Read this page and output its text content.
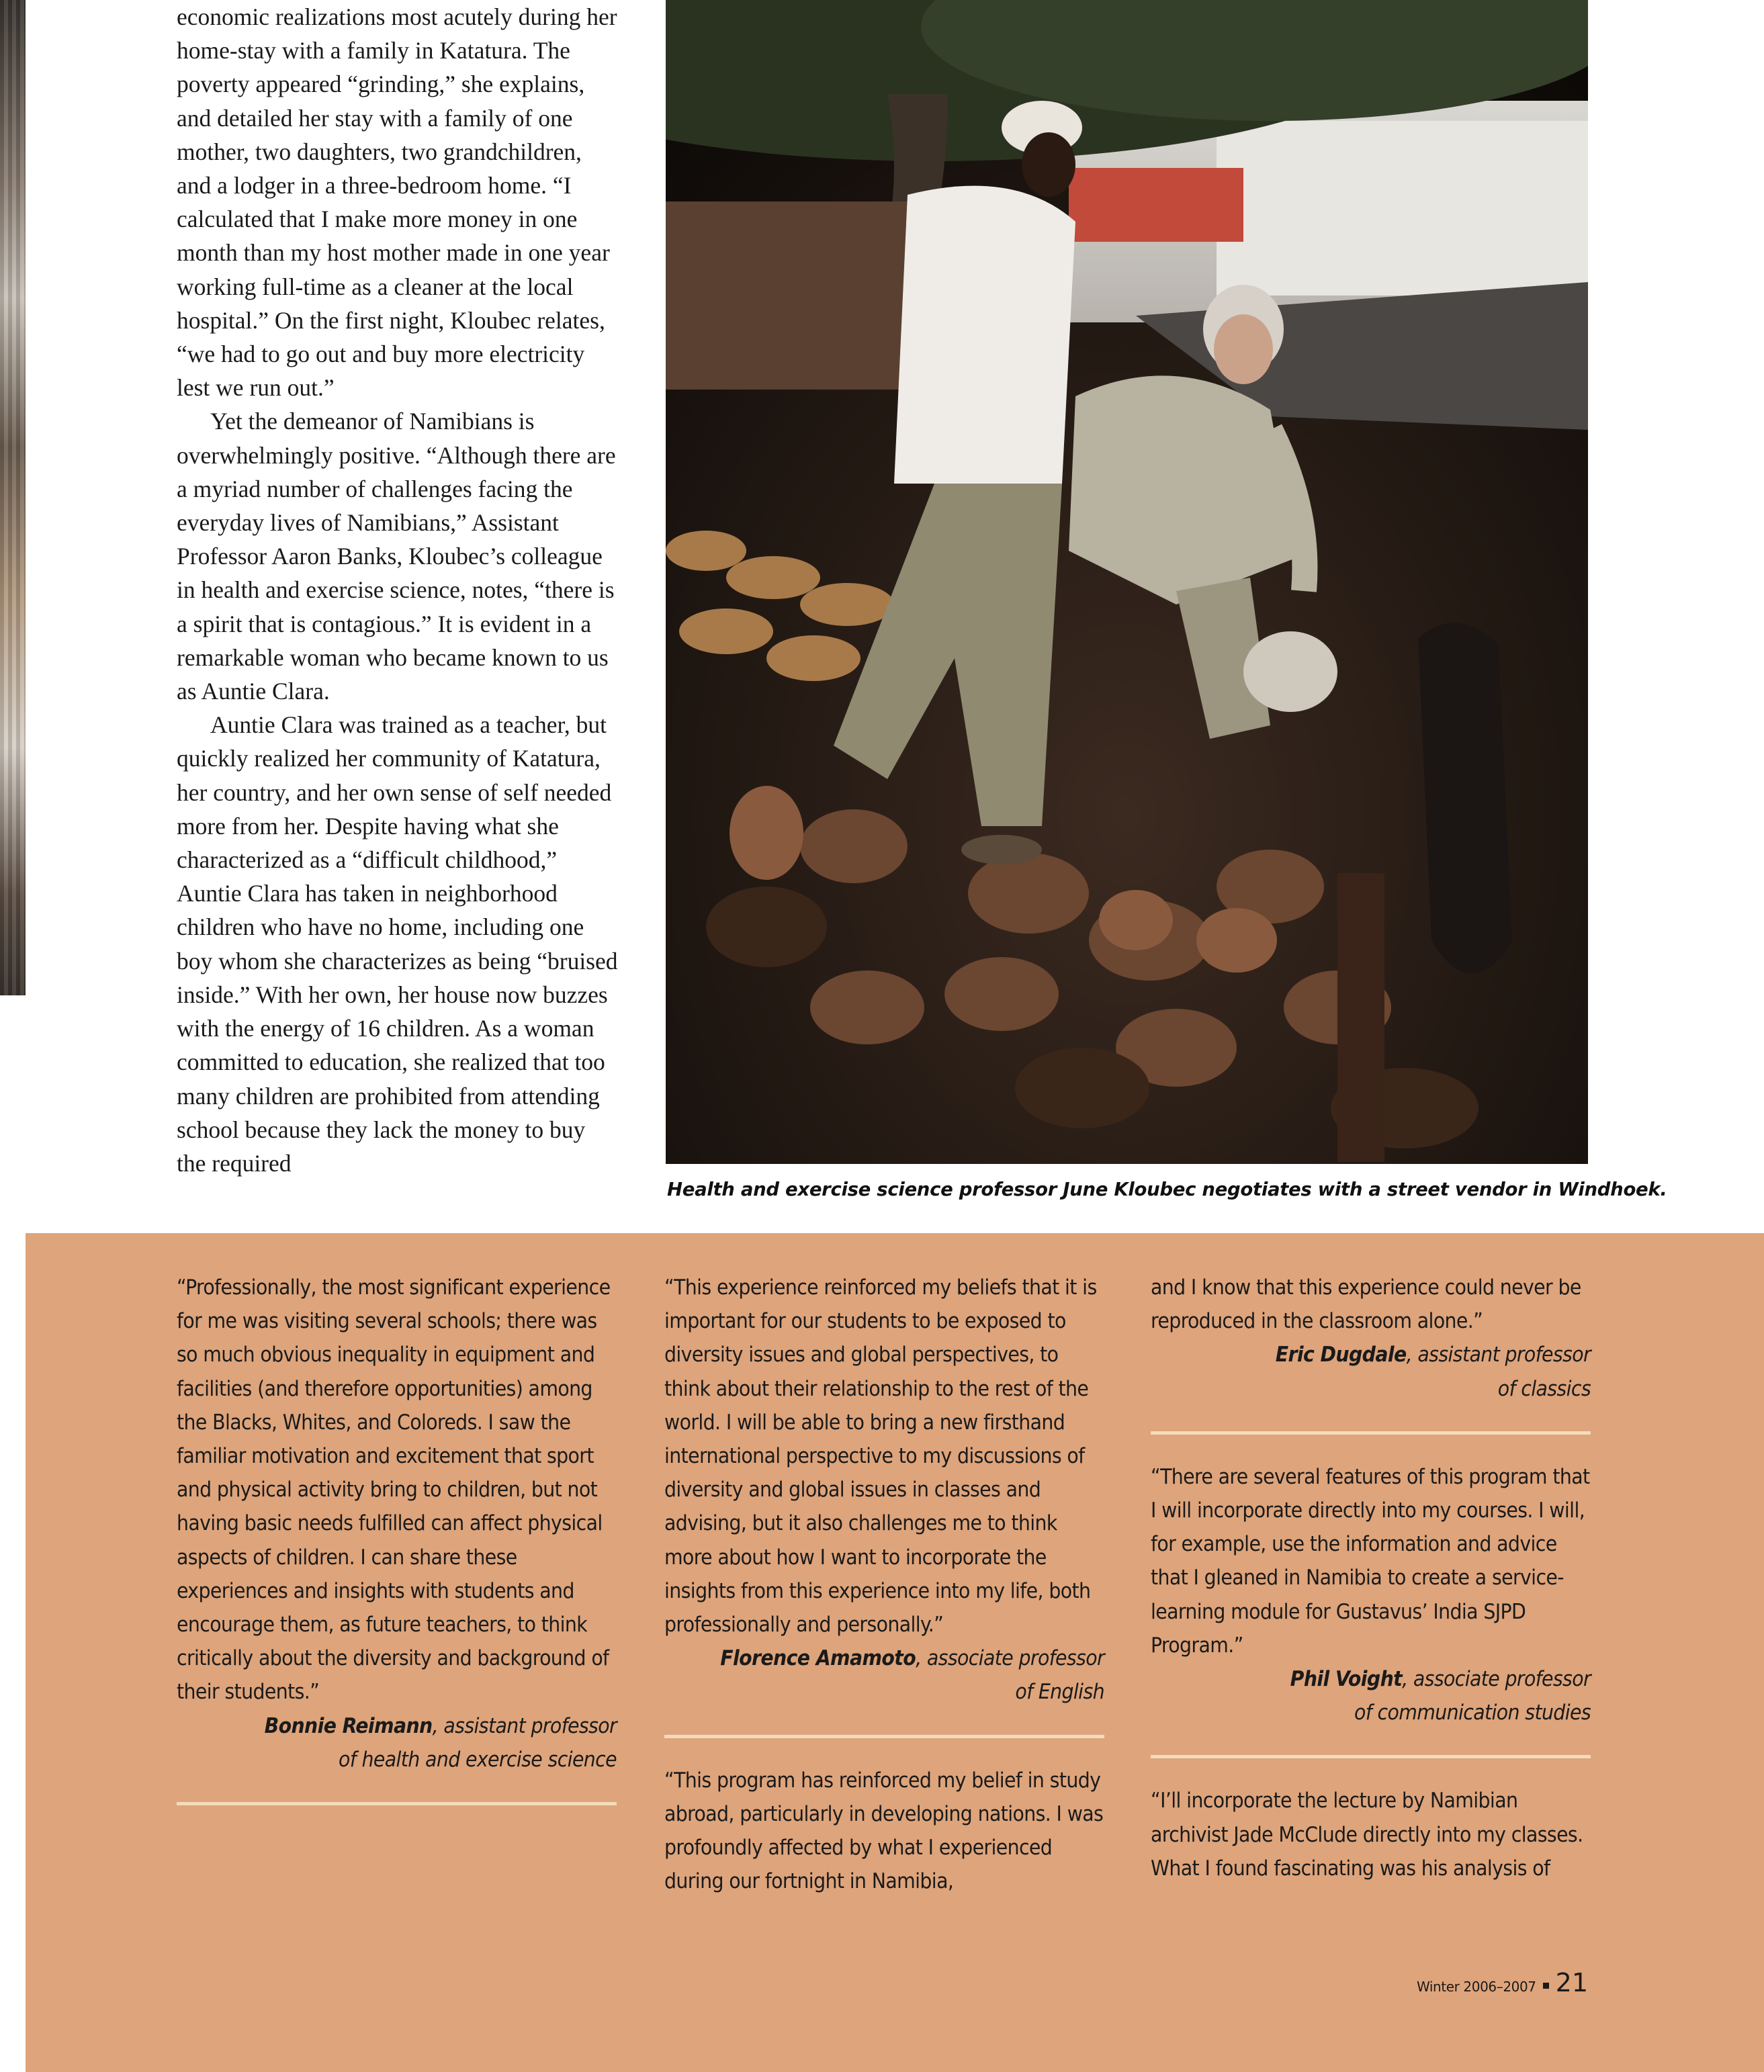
economic realizations most acutely during her home-stay with a family in Katatura. The poverty appeared “grinding,” she explains, and detailed her stay with a family of one mother, two daughters, two grandchildren, and a lodger in a three-bedroom home. “I calculated that I make more money in one month than my host mother made in one year working full-time as a cleaner at the local hospital.” On the first night, Kloubec relates, “we had to go out and buy more electricity lest we run out.”

Yet the demeanor of Namibians is overwhelmingly positive. “Although there are a myriad number of challenges facing the everyday lives of Namibians,” Assistant Professor Aaron Banks, Kloubec’s colleague in health and exercise science, notes, “there is a spirit that is contagious.” It is evident in a remarkable woman who became known to us as Auntie Clara.

Auntie Clara was trained as a teacher, but quickly realized her community of Katatura, her country, and her own sense of self needed more from her. Despite having what she characterized as a “difficult childhood,” Auntie Clara has taken in neighborhood children who have no home, including one boy whom she characterizes as being “bruised inside.” With her own, her house now buzzes with the energy of 16 children. As a woman committed to education, she realized that too many children are prohibited from attending school because they lack the money to buy the required

Health and exercise science professor June Kloubec negotiates with a street vendor in Windhoek.

“Professionally, the most significant experience for me was visiting several schools; there was so much obvious inequality in equipment and facilities (and therefore opportunities) among the Blacks, Whites, and Coloreds. I saw the familiar motivation and excitement that sport and physical activity bring to children, but not having basic needs fulfilled can affect physical aspects of children. I can share these experiences and insights with students and encourage them, as future teachers, to think critically about the diversity and background of their students.”

Bonnie Reimann, assistant professor
of health and exercise science

“This experience reinforced my beliefs that it is important for our students to be exposed to diversity issues and global perspectives, to think about their relationship to the rest of the world. I will be able to bring a new firsthand international perspective to my discussions of diversity and global issues in classes and advising, but it also challenges me to think more about how I want to incorporate the insights from this experience into my life, both professionally and personally.”

Florence Amamoto, associate professor
of English

“This program has reinforced my belief in study abroad, particularly in developing nations. I was profoundly affected by what I experienced during our fortnight in Namibia,

and I know that this experience could never be reproduced in the classroom alone.”

Eric Dugdale, assistant professor
of classics

“There are several features of this program that I will incorporate directly into my courses. I will, for example, use the information and advice that I gleaned in Namibia to create a service-learning module for Gustavus’ India SJPD Program.”

Phil Voight, associate professor
of communication studies

“I’ll incorporate the lecture by Namibian archivist Jade McClude directly into my classes. What I found fascinating was his analysis of

Winter 2006–2007 21
